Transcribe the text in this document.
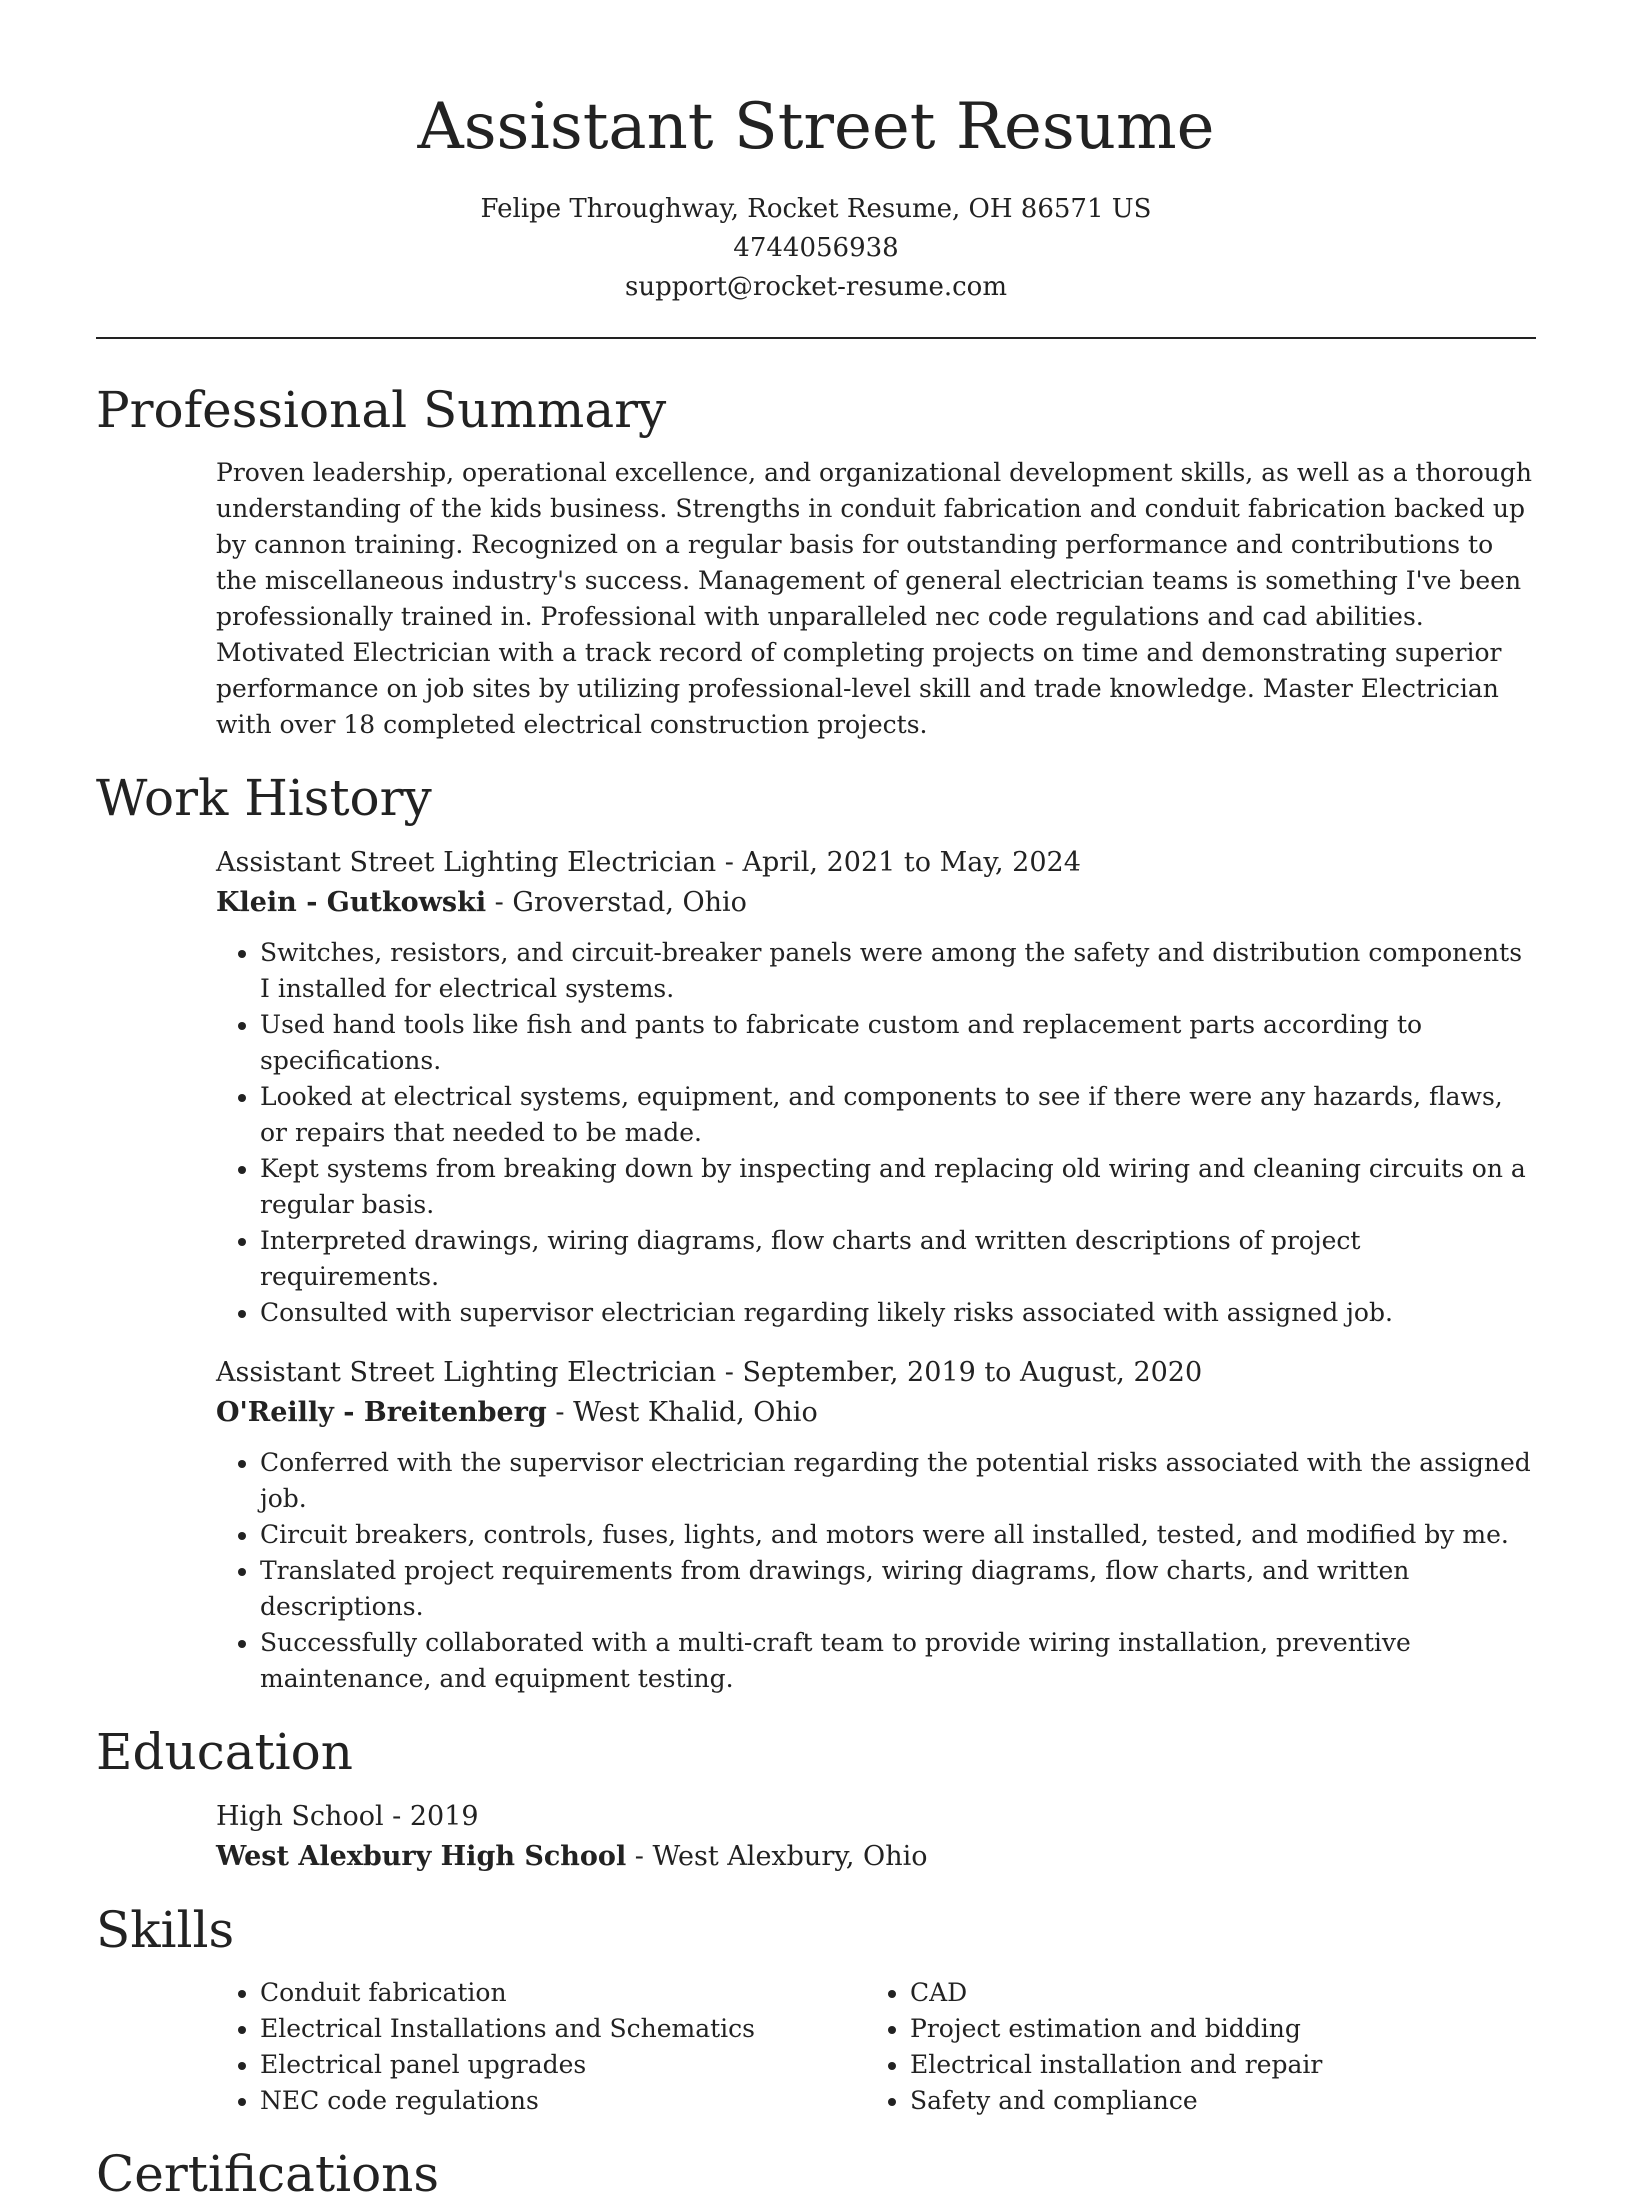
Assistant Street Resume
Felipe Throughway, Rocket Resume, OH 86571 US
4744056938
support@rocket-resume.com
Professional Summary
Proven leadership, operational excellence, and organizational development skills, as well as a thorough understanding of the kids business. Strengths in conduit fabrication and conduit fabrication backed up by cannon training. Recognized on a regular basis for outstanding performance and contributions to the miscellaneous industry's success. Management of general electrician teams is something I've been professionally trained in. Professional with unparalleled nec code regulations and cad abilities. Motivated Electrician with a track record of completing projects on time and demonstrating superior performance on job sites by utilizing professional-level skill and trade knowledge. Master Electrician with over 18 completed electrical construction projects.
Work History
Assistant Street Lighting Electrician - April, 2021 to May, 2024
Klein - Gutkowski - Groverstad, Ohio
• Switches, resistors, and circuit-breaker panels were among the safety and distribution components I installed for electrical systems.
• Used hand tools like fish and pants to fabricate custom and replacement parts according to specifications.
• Looked at electrical systems, equipment, and components to see if there were any hazards, flaws, or repairs that needed to be made.
• Kept systems from breaking down by inspecting and replacing old wiring and cleaning circuits on a regular basis.
• Interpreted drawings, wiring diagrams, flow charts and written descriptions of project requirements.
• Consulted with supervisor electrician regarding likely risks associated with assigned job.
Assistant Street Lighting Electrician - September, 2019 to August, 2020
O'Reilly - Breitenberg - West Khalid, Ohio
• Conferred with the supervisor electrician regarding the potential risks associated with the assigned job.
• Circuit breakers, controls, fuses, lights, and motors were all installed, tested, and modified by me.
• Translated project requirements from drawings, wiring diagrams, flow charts, and written descriptions.
• Successfully collaborated with a multi-craft team to provide wiring installation, preventive maintenance, and equipment testing.
Education
High School - 2019
West Alexbury High School - West Alexbury, Ohio
Skills
• Conduit fabrication
• Electrical Installations and Schematics
• Electrical panel upgrades
• NEC code regulations
• CAD
• Project estimation and bidding
• Electrical installation and repair
• Safety and compliance
Certifications
